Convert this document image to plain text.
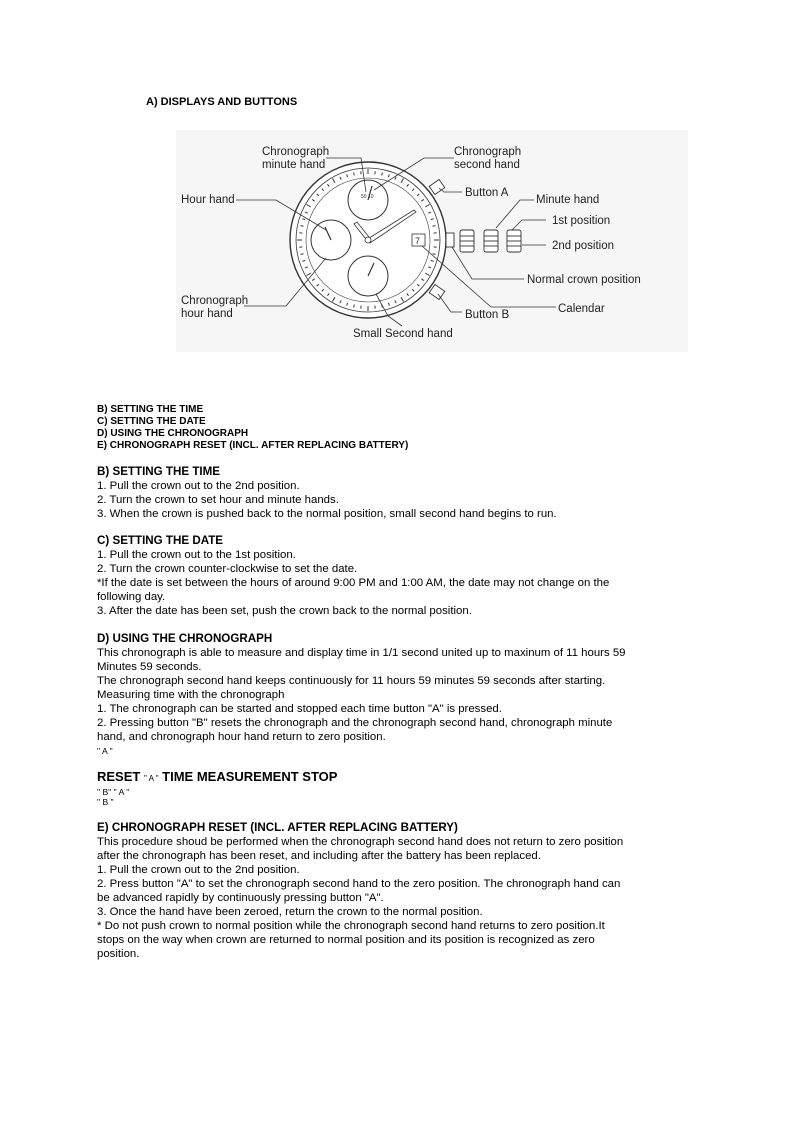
A) DISPLAYS AND BUTTONS
50 10
7
Chronograph
minute hand
Chronograph
second hand
Hour hand
Button A
Minute hand
1st position
2nd position
Normal crown position
Chronograph
hour hand	Calendar
Button B
Small Second hand
B) SETTING THE TIME
C) SETTING THE DATE
D) USING THE CHRONOGRAPH
E) CHRONOGRAPH RESET (INCL. AFTER REPLACING BATTERY)
B) SETTING THE TIME
1. Pull the crown out to the 2nd position.
2. Turn the crown to set hour and minute hands.
3. When the crown is pushed back to the normal position, small second hand begins to run.
C) SETTING THE DATE
1. Pull the crown out to the 1st position.
2. Turn the crown counter-clockwise to set the date.
*If the date is set between the hours of around 9:00 PM and 1:00 AM, the date may not change on the
following day.
3. After the date has been set, push the crown back to the normal position.
D) USING THE CHRONOGRAPH
This chronograph is able to measure and display time in 1/1 second united up to maxinum of 11 hours 59
Minutes 59 seconds.
The chronograph second hand keeps continuously for 11 hours 59 minutes 59 seconds after starting.
Measuring time with the chronograph
1. The chronograph can be started and stopped each time button "A" is pressed.
2. Pressing button "B" resets the chronograph and the chronograph second hand, chronograph minute
hand, and chronograph hour hand return to zero position.
" A "
RESET " A " TIME MEASUREMENT STOP
" B" " A "
" B "
E) CHRONOGRAPH RESET (INCL. AFTER REPLACING BATTERY)
This procedure shoud be performed when the chronograph second hand does not return to zero position
after the chronograph has been reset, and including after the battery has been replaced.
1. Pull the crown out to the 2nd position.
2. Press button "A" to set the chronograph second hand to the zero position. The chronograph hand can
be advanced rapidly by continuously pressing button "A".
3. Once the hand have been zeroed, return the crown to the normal position.
* Do not push crown to normal position while the chronograph second hand returns to zero position.It
stops on the way when crown are returned to normal position and its position is recognized as zero
position.
